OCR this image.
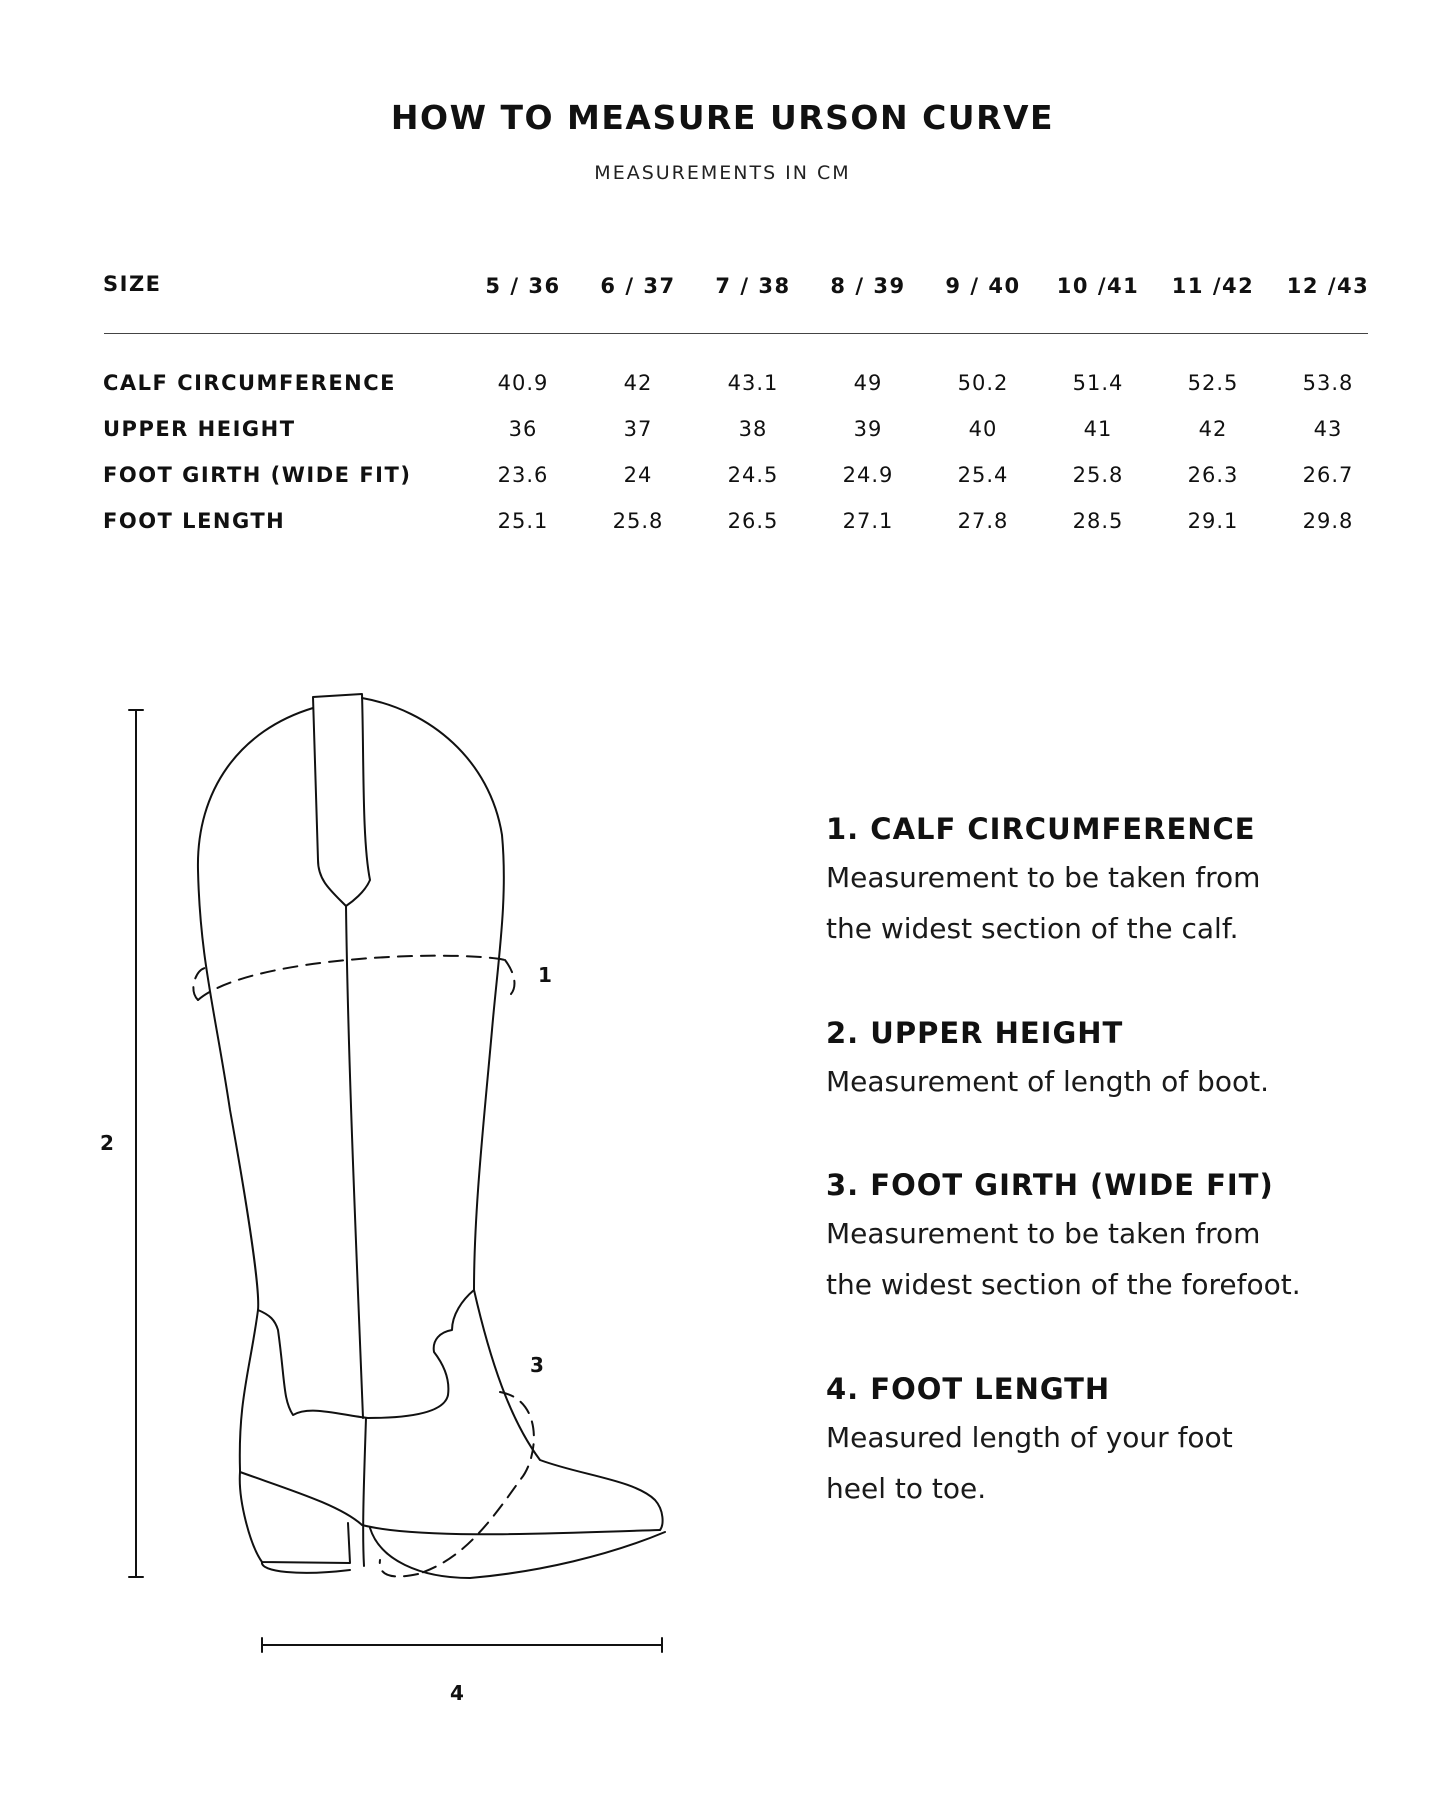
HOW TO MEASURE URSON CURVE

MEASUREMENTS IN CM

SIZE	5 / 36	6 / 37	7 / 38	8 / 39	9 / 40	10 /41	11 /42	12 /43
CALF CIRCUMFERENCE	40.9	42	43.1	49	50.2	51.4	52.5	53.8
UPPER HEIGHT	36	37	38	39	40	41	42	43
FOOT GIRTH (WIDE FIT)	23.6	24	24.5	24.9	25.4	25.8	26.3	26.7
FOOT LENGTH	25.1	25.8	26.5	27.1	27.8	28.5	29.1	29.8
2
1
3
4
1. CALF CIRCUMFERENCE

Measurement to be taken from
the widest section of the calf.

2. UPPER HEIGHT

Measurement of length of boot.

3. FOOT GIRTH (WIDE FIT)

Measurement to be taken from
the widest section of the forefoot.

4. FOOT LENGTH

Measured length of your foot
heel to toe.
